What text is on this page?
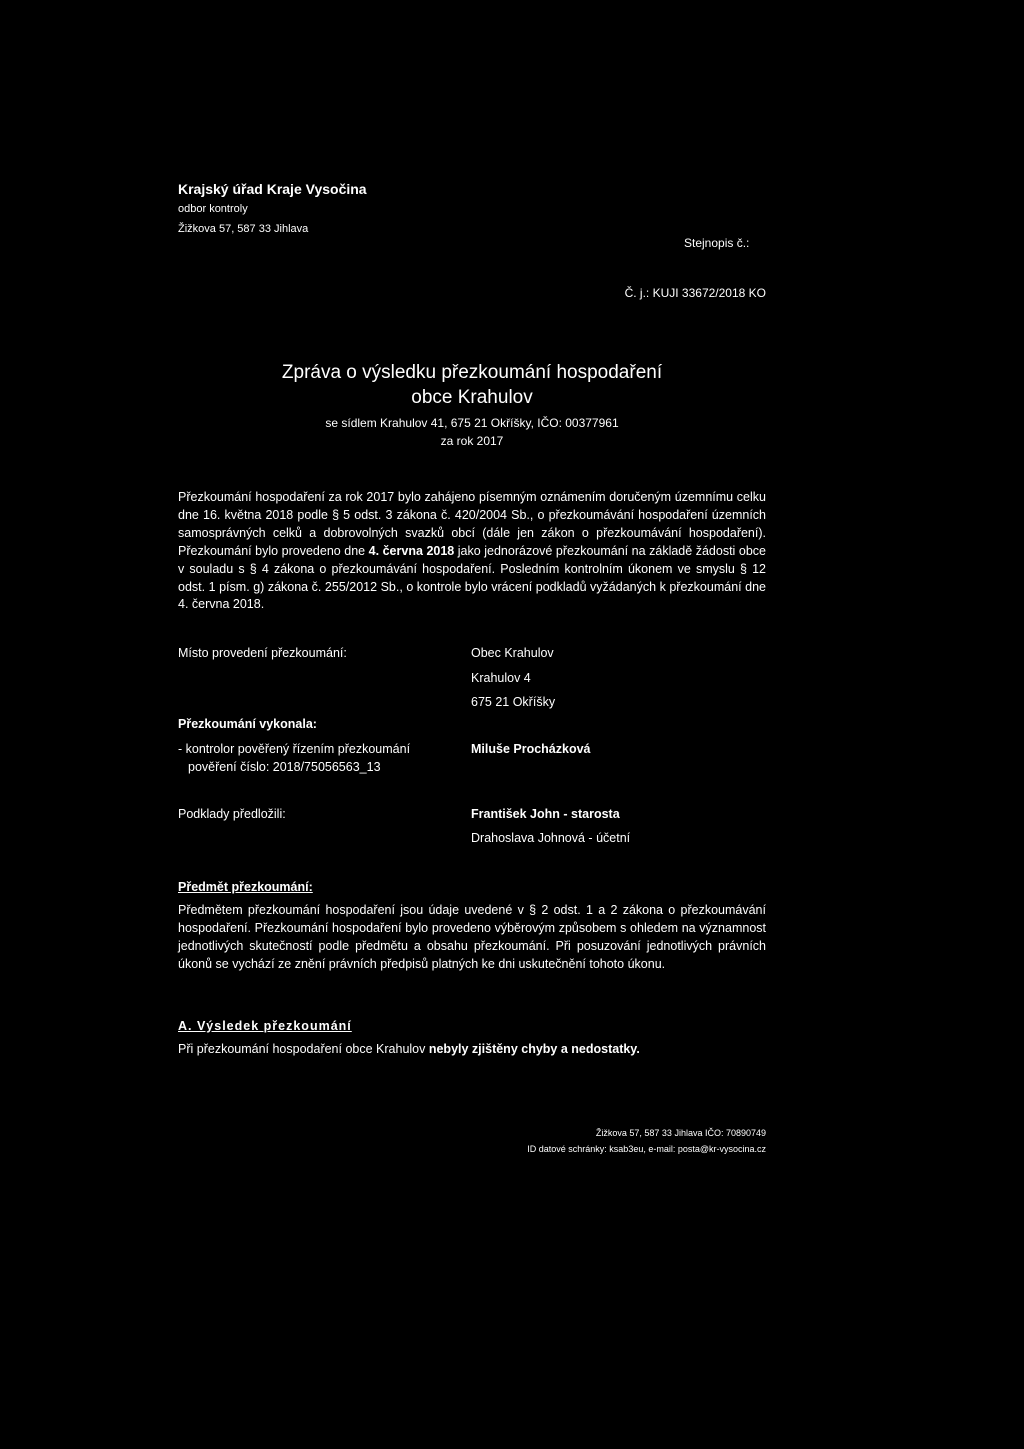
Krajský úřad Kraje Vysočina
odbor kontroly
Žižkova 57, 587 33 Jihlava
Stejnopis č.:
Č. j.: KUJI 33672/2018 KO
Zpráva o výsledku přezkoumání hospodaření
obce Krahulov
se sídlem Krahulov 41, 675 21 Okříšky, IČO: 00377961
za rok 2017
Přezkoumání hospodaření za rok 2017 bylo zahájeno písemným oznámením doručeným územnímu celku dne 16. května 2018 podle § 5 odst. 3 zákona č. 420/2004 Sb., o přezkoumávání hospodaření územních samosprávných celků a dobrovolných svazků obcí (dále jen zákon o přezkoumávání hospodaření). Přezkoumání bylo provedeno dne 4. června 2018 jako jednorázové přezkoumání na základě žádosti obce v souladu s § 4 zákona o přezkoumávání hospodaření. Posledním kontrolním úkonem ve smyslu § 12 odst. 1 písm. g) zákona č. 255/2012 Sb., o kontrole bylo vrácení podkladů vyžádaných k přezkoumání dne 4. června 2018.
Místo provedení přezkoumání:	Obec Krahulov
Krahulov 4
675 21 Okříšky
Přezkoumání vykonala:
- kontrolor pověřený řízením přezkoumání
pověření číslo: 2018/75056563_13
Miluše Procházková
Podklady předložili:	František John - starosta
Drahoslava Johnová - účetní
Předmět přezkoumání:
Předmětem přezkoumání hospodaření jsou údaje uvedené v § 2 odst. 1 a 2 zákona o přezkoumávání hospodaření. Přezkoumání hospodaření bylo provedeno výběrovým způsobem s ohledem na významnost jednotlivých skutečností podle předmětu a obsahu přezkoumání. Při posuzování jednotlivých právních úkonů se vychází ze znění právních předpisů platných ke dni uskutečnění tohoto úkonu.
A. Výsledek přezkoumání
Při přezkoumání hospodaření obce Krahulov nebyly zjištěny chyby a nedostatky.
Žižkova 57, 587 33 Jihlava IČO: 70890749
ID datové schránky: ksab3eu, e-mail: posta@kr-vysocina.cz
